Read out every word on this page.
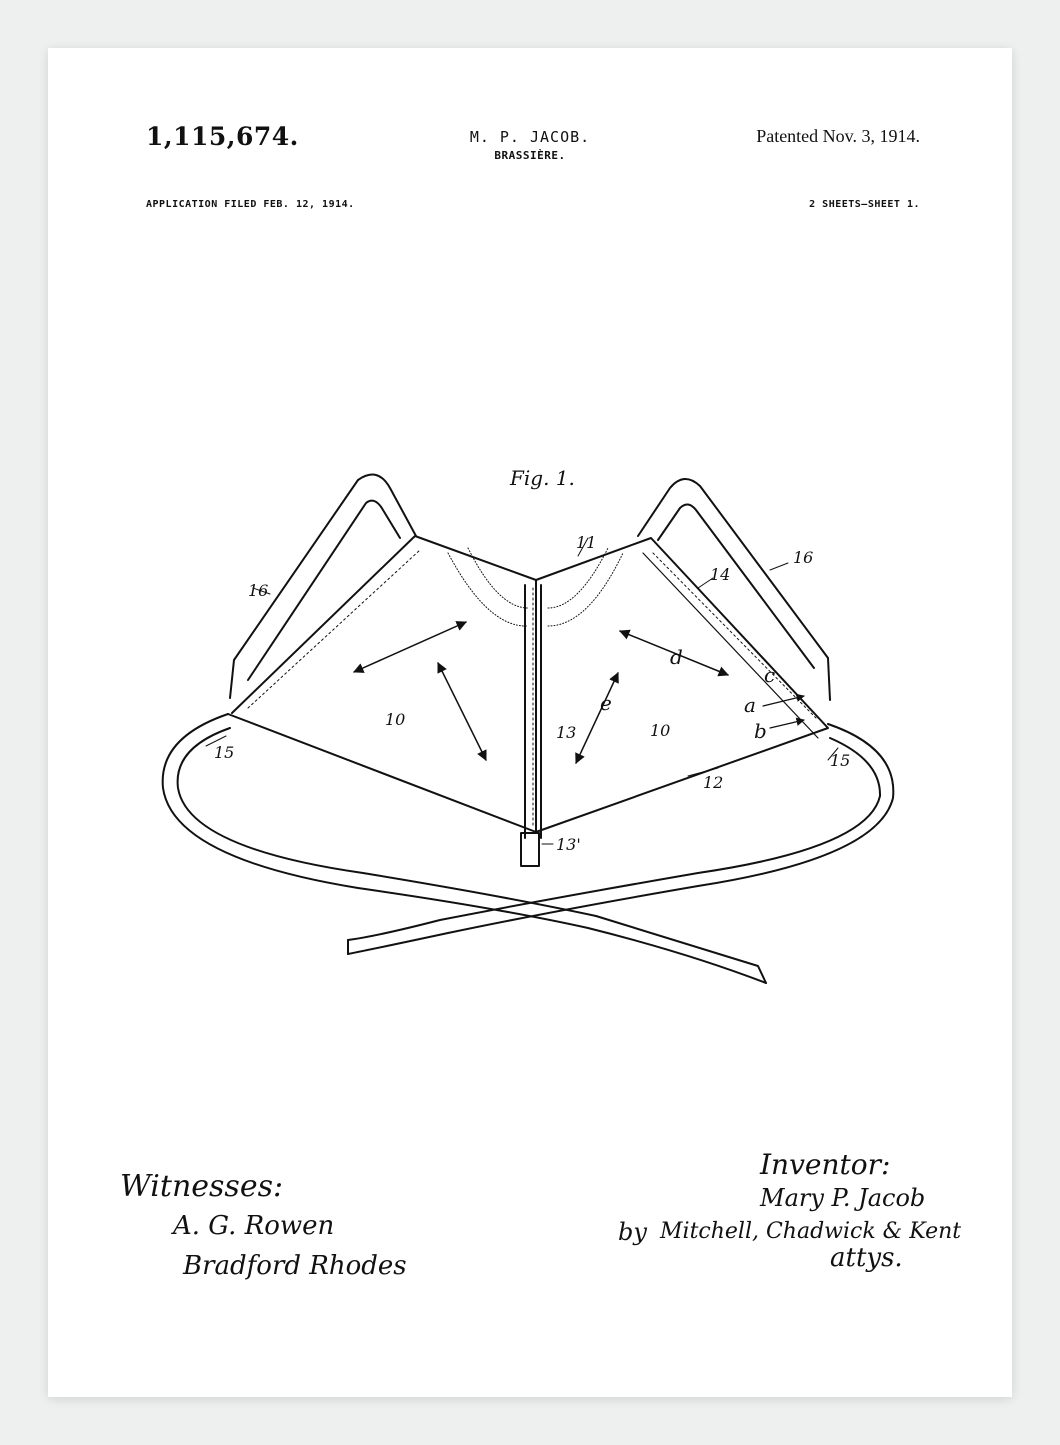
1,115,674.	M. P. JACOB.
BRASSIÈRE.
Patented Nov. 3, 1914.
APPLICATION FILED FEB. 12, 1914.	2 SHEETS—SHEET 1.
Fig. 1.
10
10
11
12
13
13'
14
15	15
16
16
a
b
c
d
e
Witnesses:
A. G. Rowen
Bradford Rhodes
Inventor:
Mary P. Jacob
by Mitchell, Chadwick & Kent
attys.
